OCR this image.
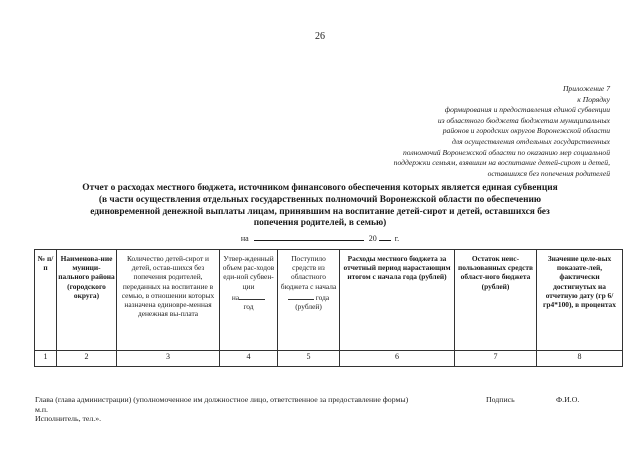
26
Приложение 7
к Порядку
формирования и предоставления единой субвенции
из областного бюджета бюджетам муниципальных
районов и городских округов Воронежской области
для осуществления отдельных государственных
полномочий Воронежской области по оказанию мер социальной
поддержки семьям, взявшим на воспитание детей-сирот и детей,
оставшихся без попечения родителей
Отчет о расходах местного бюджета, источником финансового обеспечения которых является единая субвенция
(в части осуществления отдельных государственных полномочий Воронежской области по обеспечению
единовременной денежной выплаты лицам, принявшим на воспитание детей-сирот и детей, оставшихся без
попечения родителей, в семью)
на	20 г.
№ п/п	Наименова-ние муници-пального района (городского округа)	Количество детей-сирот и детей, остав-шихся без попечения родителей, переданных на воспитание в семью, в отношении которых назначена единовре-менная денежная вы-плата	Утвер-жденный объем рас-ходов еди-ной субвен-ции
на
год	Поступило средств из областного бюджета с начала
года
(рублей)	Расходы местного бюджета за отчетный период нарастающим итогом с начала года (рублей)	Остаток неис-пользованных средств област-ного бюджета (рублей)	Значение целе-вых показате-лей, фактически достигнутых на отчетную дату (гр 6/гр4*100), в процентах
1	2	3	4	5	6	7	8
Глава (глава администрации) (уполномоченное им должностное лицо, ответственное за предоставление формы)	Подпись	Ф.И.О.
м.п.
Исполнитель, тел.».
